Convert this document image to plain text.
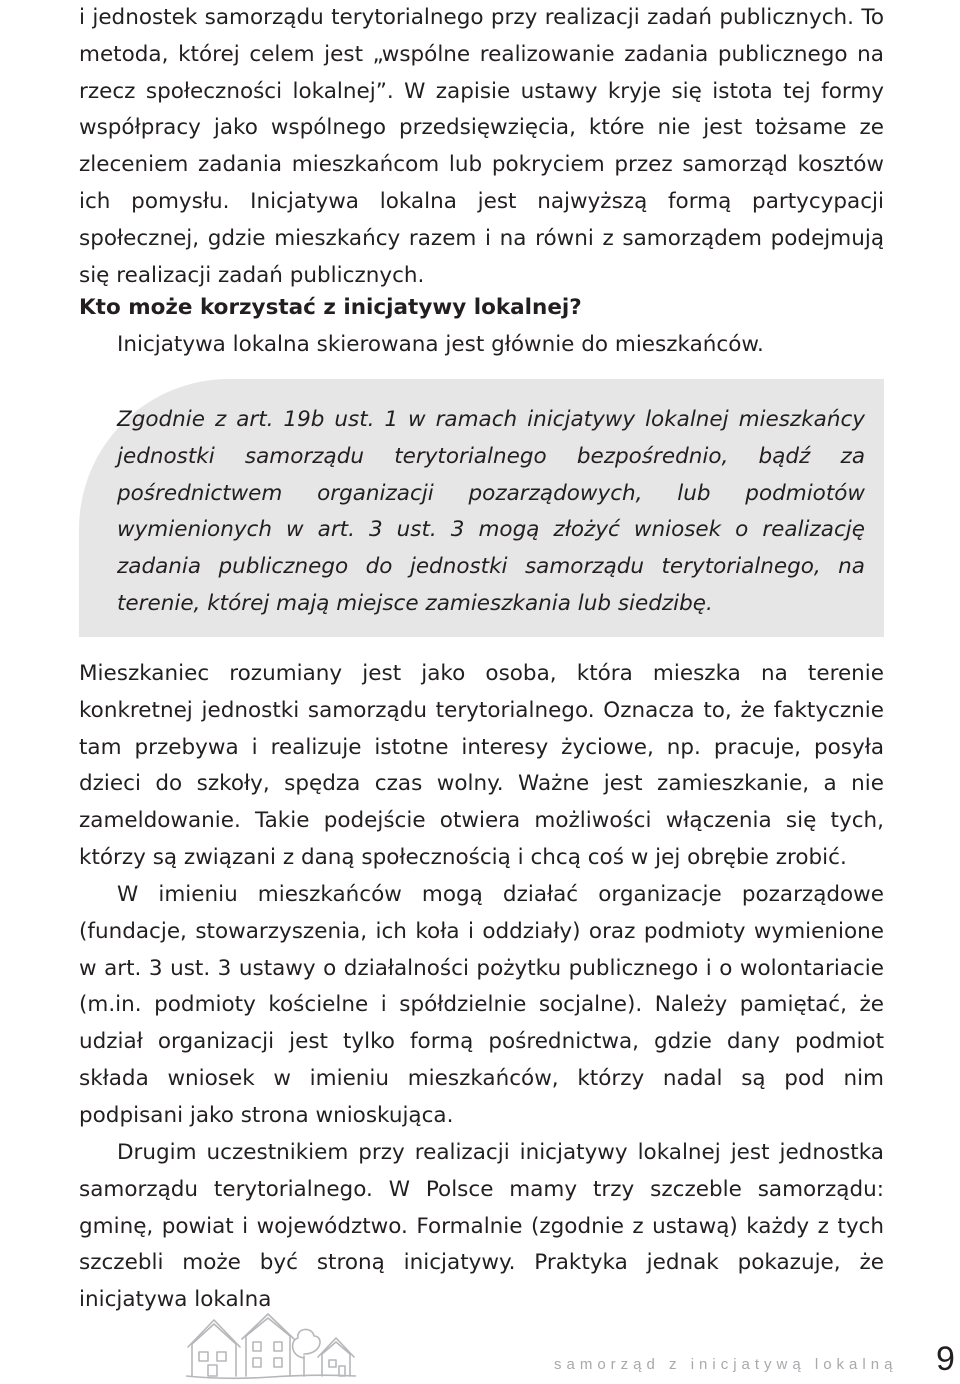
i jednostek samorządu terytorialnego przy realizacji zadań publicznych. To metoda, której celem jest „wspólne realizowanie zadania publicznego na rzecz społeczności lokalnej”. W zapisie ustawy kryje się istota tej formy współpracy jako wspólnego przedsięwzięcia, które nie jest tożsame ze zleceniem zadania mieszkańcom lub pokryciem przez samorząd kosztów ich pomysłu. Inicjatywa lokalna jest najwyższą formą partycypacji społecznej, gdzie mieszkańcy razem i na równi z samorządem podejmują się realizacji zadań publicznych.

Kto może korzystać z inicjatywy lokalnej?

Inicjatywa lokalna skierowana jest głównie do mieszkańców.

Zgodnie z art. 19b ust. 1 w ramach inicjatywy lokalnej mieszkańcy jednostki samorządu terytorialnego bezpośrednio, bądź za pośrednictwem organizacji pozarządowych, lub podmiotów wymienionych w art. 3 ust. 3 mogą złożyć wniosek o realizację zadania publicznego do jednostki samorządu terytorialnego, na terenie, której mają miejsce zamieszkania lub siedzibę.

Mieszkaniec rozumiany jest jako osoba, która mieszka na terenie konkretnej jednostki samorządu terytorialnego. Oznacza to, że faktycznie tam przebywa i realizuje istotne interesy życiowe, np. pracuje, posyła dzieci do szkoły, spędza czas wolny. Ważne jest zamieszkanie, a nie zameldowanie. Takie podejście otwiera możliwości włączenia się tych, którzy są związani z daną społecznością i chcą coś w jej obrębie zrobić.

W imieniu mieszkańców mogą działać organizacje pozarządowe (fundacje, stowarzyszenia, ich koła i oddziały) oraz podmioty wymienione w art. 3 ust. 3 ustawy o działalności pożytku publicznego i o wolontariacie (m.in. podmioty kościelne i spółdzielnie socjalne). Należy pamiętać, że udział organizacji jest tylko formą pośrednictwa, gdzie dany podmiot składa wniosek w imieniu mieszkańców, którzy nadal są pod nim podpisani jako strona wnioskująca.

Drugim uczestnikiem przy realizacji inicjatywy lokalnej jest jednostka samorządu terytorialnego. W Polsce mamy trzy szczeble samorządu: gminę, powiat i województwo. Formalnie (zgodnie z ustawą) każdy z tych szczebli może być stroną inicjatywy. Praktyka jednak pokazuje, że inicjatywa lokalna

samorząd z inicjatywą lokalną 9
